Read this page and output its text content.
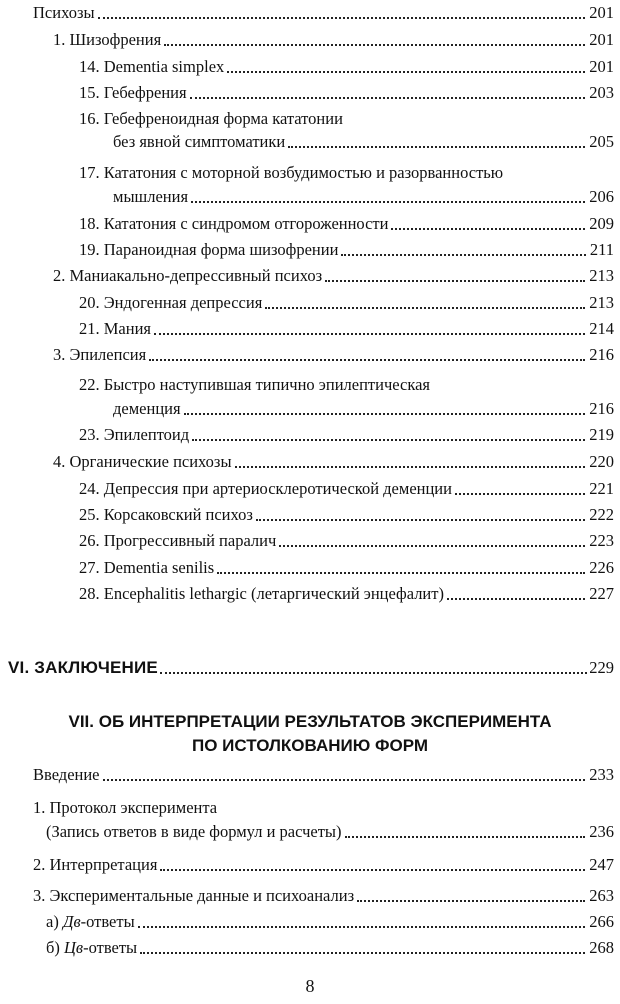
Психозы	201
1. Шизофрения	201
14. Dementia simplex	201
15. Гебефрения	203
16. Гебефреноидная форма кататонии
без явной симптоматики	205
17. Кататония с моторной возбудимостью и разорванностью
мышления	206
18. Кататония с синдромом отгороженности	209
19. Параноидная форма шизофрении	211
2. Маниакально-депрессивный психоз	213
20. Эндогенная депрессия	213
21. Мания	214
3. Эпилепсия	216
22. Быстро наступившая типично эпилептическая
деменция	216
23. Эпилептоид	219
4. Органические психозы	220
24. Депрессия при артериосклеротической деменции	221
25. Корсаковский психоз	222
26. Прогрессивный паралич	223
27. Dementia senilis	226
28. Encephalitis lethargic (летаргический энцефалит)	227
VI. ЗАКЛЮЧЕНИЕ	229
VII. ОБ ИНТЕРПРЕТАЦИИ РЕЗУЛЬТАТОВ ЭКСПЕРИМЕНТА
ПО ИСТОЛКОВАНИЮ ФОРМ
Введение	233
1. Протокол эксперимента
(Запись ответов в виде формул и расчеты)	236
2. Интерпретация	247
3. Экспериментальные данные и психоанализ	263
а) Дв-ответы	266
б) Цв-ответы	268
8
